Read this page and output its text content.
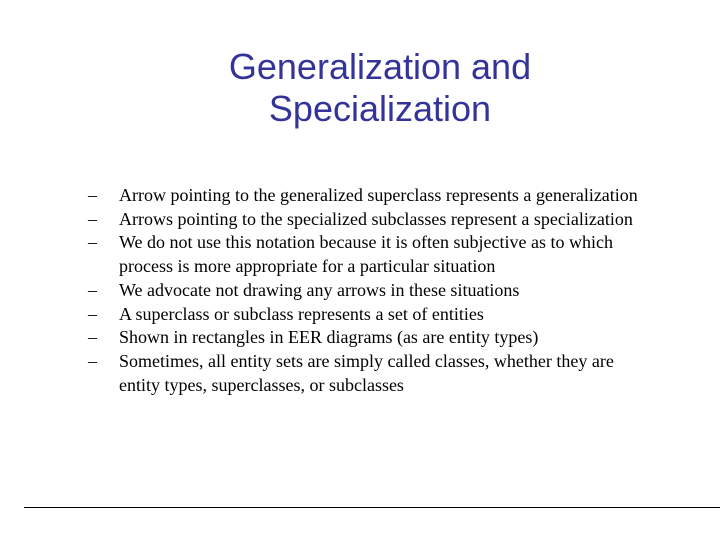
Generalization and
Specialization
–	Arrow pointing to the generalized superclass represents a generalization
–	Arrows pointing to the specialized subclasses represent a specialization
–	We do not use this notation because it is often subjective as to which process is more appropriate for a particular situation
–	We advocate not drawing any arrows in these situations
–	A superclass or subclass represents a set of entities
–	Shown in rectangles in EER diagrams (as are entity types)
–	Sometimes, all entity sets are simply called classes, whether they are entity types, superclasses, or subclasses
